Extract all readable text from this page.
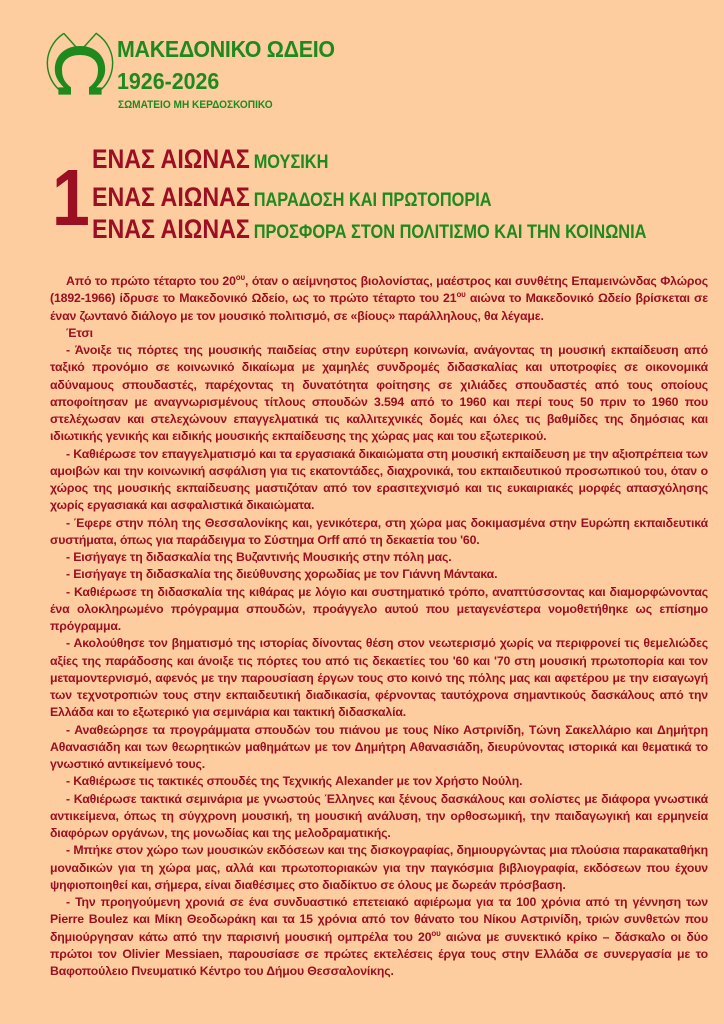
ΜΑΚΕΔΟΝΙΚΟ ΩΔΕΙΟ
1926-2026
ΣΩΜΑΤΕΙΟ ΜΗ ΚΕΡΔΟΣΚΟΠΙΚΟ
1 ΕΝΑΣ ΑΙΩΝΑΣ ΜΟΥΣΙΚΗ
ΕΝΑΣ ΑΙΩΝΑΣ ΠΑΡΑΔΟΣΗ ΚΑΙ ΠΡΩΤΟΠΟΡΙΑ
ΕΝΑΣ ΑΙΩΝΑΣ ΠΡΟΣΦΟΡΑ ΣΤΟΝ ΠΟΛΙΤΙΣΜΟ ΚΑΙ ΤΗΝ ΚΟΙΝΩΝΙΑ

Από το πρώτο τέταρτο του $20^{o\upsilon}$, όταν ο αείμνηστος βιολονίστας, μαέστρος και συνθέτης Επαμεινώνδας Φλώρος (1892-1966) ίδρυσε το Μακεδονικό Ωδείο, ως το πρώτο τέταρτο του $21^{o\upsilon}$ αιώνα το Μακεδονικό Ωδείο βρίσκεται σε έναν ζωντανό διάλογο με τον μουσικό πολιτισμό, σε «βίους» παράλληλους, θα λέγαμε.

Έτσι

- Άνοιξε τις πόρτες της μουσικής παιδείας στην ευρύτερη κοινωνία, ανάγοντας τη μουσική εκπαίδευση από ταξικό προνόμιο σε κοινωνικό δικαίωμα με χαμηλές συνδρομές διδασκαλίας και υποτροφίες σε οικονομικά αδύναμους σπουδαστές, παρέχοντας τη δυνατότητα φοίτησης σε χιλιάδες σπουδαστές από τους οποίους αποφοίτησαν με αναγνωρισμένους τίτλους σπουδών 3.594 από το 1960 και περί τους 50 πριν το 1960 που στελέχωσαν και στελεχώνουν επαγγελματικά τις καλλιτεχνικές δομές και όλες τις βαθμίδες της δημόσιας και ιδιωτικής γενικής και ειδικής μουσικής εκπαίδευσης της χώρας μας και του εξωτερικού.

- Καθιέρωσε τον επαγγελματισμό και τα εργασιακά δικαιώματα στη μουσική εκπαίδευση με την αξιοπρέπεια των αμοιβών και την κοινωνική ασφάλιση για τις εκατοντάδες, διαχρονικά, του εκπαιδευτικού προσωπικού του, όταν ο χώρος της μουσικής εκπαίδευσης μαστιζόταν από τον ερασιτεχνισμό και τις ευκαιριακές μορφές απασχόλησης χωρίς εργασιακά και ασφαλιστικά δικαιώματα.

- Έφερε στην πόλη της Θεσσαλονίκης και, γενικότερα, στη χώρα μας δοκιμασμένα στην Ευρώπη εκπαιδευτικά συστήματα, όπως για παράδειγμα το Σύστημα Orff από τη δεκαετία του '60.

- Εισήγαγε τη διδασκαλία της Βυζαντινής Μουσικής στην πόλη μας.

- Εισήγαγε τη διδασκαλία της διεύθυνσης χορωδίας με τον Γιάννη Μάντακα.

- Καθιέρωσε τη διδασκαλία της κιθάρας με λόγιο και συστηματικό τρόπο, αναπτύσσοντας και διαμορφώνοντας ένα ολοκληρωμένο πρόγραμμα σπουδών, προάγγελο αυτού που μεταγενέστερα νομοθετήθηκε ως επίσημο πρόγραμμα.

- Ακολούθησε τον βηματισμό της ιστορίας δίνοντας θέση στον νεωτερισμό χωρίς να περιφρονεί τις θεμελιώδες αξίες της παράδοσης και άνοιξε τις πόρτες του από τις δεκαετίες του '60 και '70 στη μουσική πρωτοπορία και τον μεταμοντερνισμό, αφενός με την παρουσίαση έργων τους στο κοινό της πόλης μας και αφετέρου με την εισαγωγή των τεχνοτροπιών τους στην εκπαιδευτική διαδικασία, φέρνοντας ταυτόχρονα σημαντικούς δασκάλους από την Ελλάδα και το εξωτερικό για σεμινάρια και τακτική διδασκαλία.

- Αναθεώρησε τα προγράμματα σπουδών του πιάνου με τους Νίκο Αστρινίδη, Τώνη Σακελλάριο και Δημήτρη Αθανασιάδη και των θεωρητικών μαθημάτων με τον Δημήτρη Αθανασιάδη, διευρύνοντας ιστορικά και θεματικά το γνωστικό αντικείμενό τους.

- Καθιέρωσε τις τακτικές σπουδές της Τεχνικής Alexander με τον Χρήστο Νούλη.

- Καθιέρωσε τακτικά σεμινάρια με γνωστούς Έλληνες και ξένους δασκάλους και σολίστες με διάφορα γνωστικά αντικείμενα, όπως τη σύγχρονη μουσική, τη μουσική ανάλυση, την ορθοσωμική, την παιδαγωγική και ερμηνεία διαφόρων οργάνων, της μονωδίας και της μελοδραματικής.

- Μπήκε στον χώρο των μουσικών εκδόσεων και της δισκογραφίας, δημιουργώντας μια πλούσια παρακαταθήκη μοναδικών για τη χώρα μας, αλλά και πρωτοποριακών για την παγκόσμια βιβλιογραφία, εκδόσεων που έχουν ψηφιοποιηθεί και, σήμερα, είναι διαθέσιμες στο διαδίκτυο σε όλους με δωρεάν πρόσβαση.

- Την προηγούμενη χρονιά σε ένα συνδυαστικό επετειακό αφιέρωμα για τα 100 χρόνια από τη γέννηση των Pierre Boulez και Μίκη Θεοδωράκη και τα 15 χρόνια από τον θάνατο του Νίκου Αστρινίδη, τριών συνθετών που δημιούργησαν κάτω από την παρισινή μουσική ομπρέλα του $20^{o\upsilon}$ αιώνα με συνεκτικό κρίκο – δάσκαλο οι δύο πρώτοι τον Olivier Messiaen, παρουσίασε σε πρώτες εκτελέσεις έργα τους στην Ελλάδα σε συνεργασία με το Βαφοπούλειο Πνευματικό Κέντρο του Δήμου Θεσσαλονίκης.
